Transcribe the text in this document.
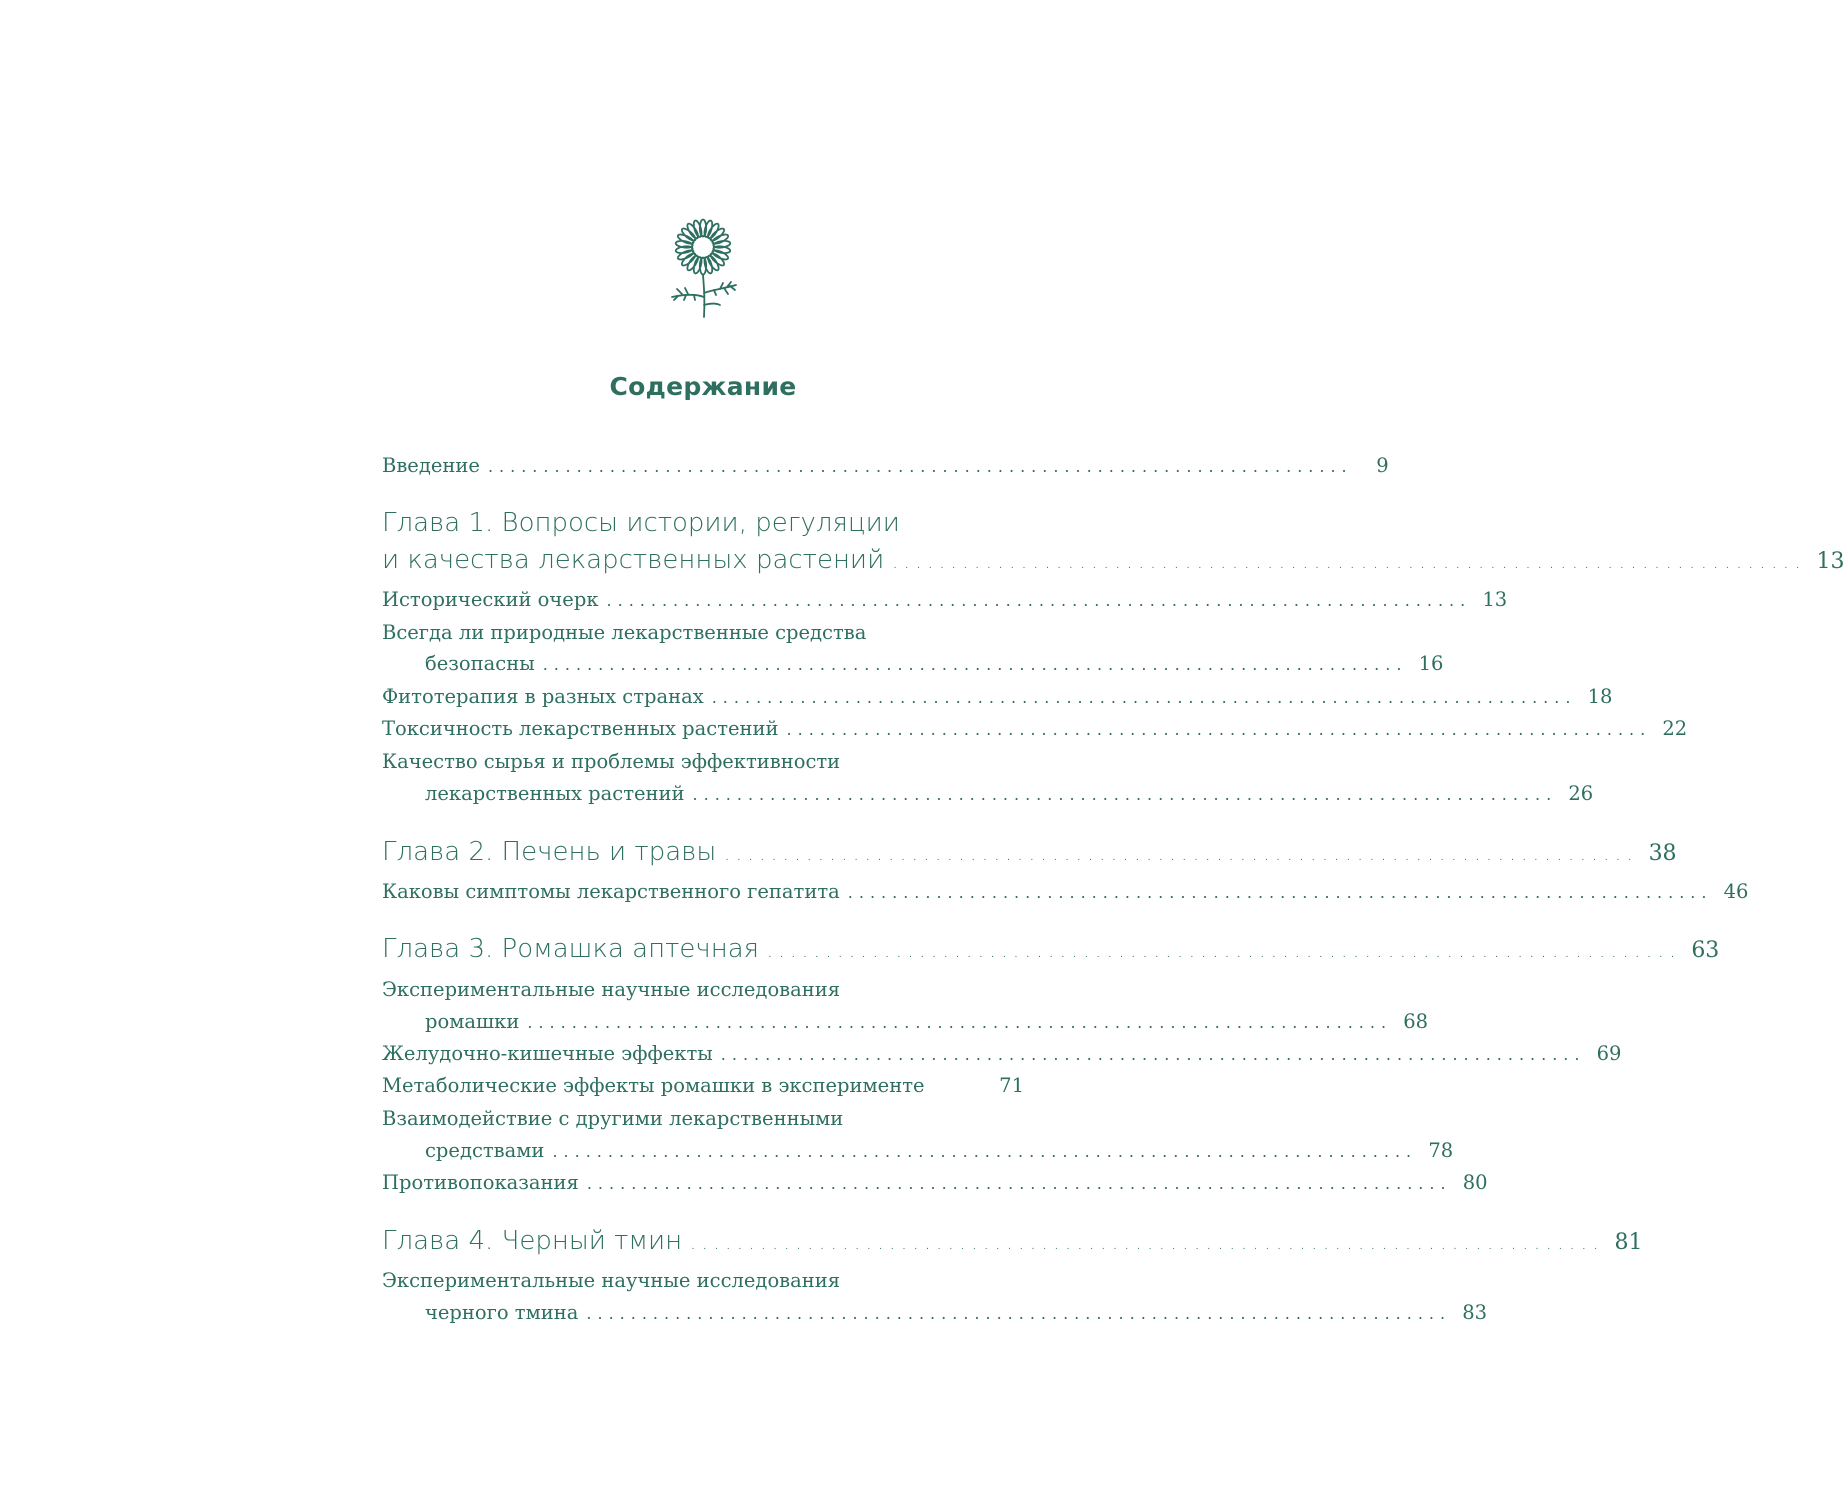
Содержание
Введение ..............................................................................	9
Глава 1. Вопросы истории, регуляции
и качества лекарственных растений .............................................................................. 13
Исторический очерк .............................................................................. 13
Всегда ли природные лекарственные средства
безопасны .............................................................................. 16
Фитотерапия в разных странах .............................................................................. 18
Токсичность лекарственных растений .............................................................................. 22
Качество сырья и проблемы эффективности
лекарственных растений .............................................................................. 26
Глава 2. Печень и травы .............................................................................. 38
Каковы симптомы лекарственного гепатита .............................................................................. 46
Глава 3. Ромашка аптечная .............................................................................. 63
Экспериментальные научные исследования
ромашки .............................................................................. 68
Желудочно-кишечные эффекты .............................................................................. 69
Метаболические эффекты ромашки в эксперименте	71
Взаимодействие с другими лекарственными
средствами .............................................................................. 78
Противопоказания .............................................................................. 80
Глава 4. Черный тмин .............................................................................. 81
Экспериментальные научные исследования
черного тмина .............................................................................. 83
